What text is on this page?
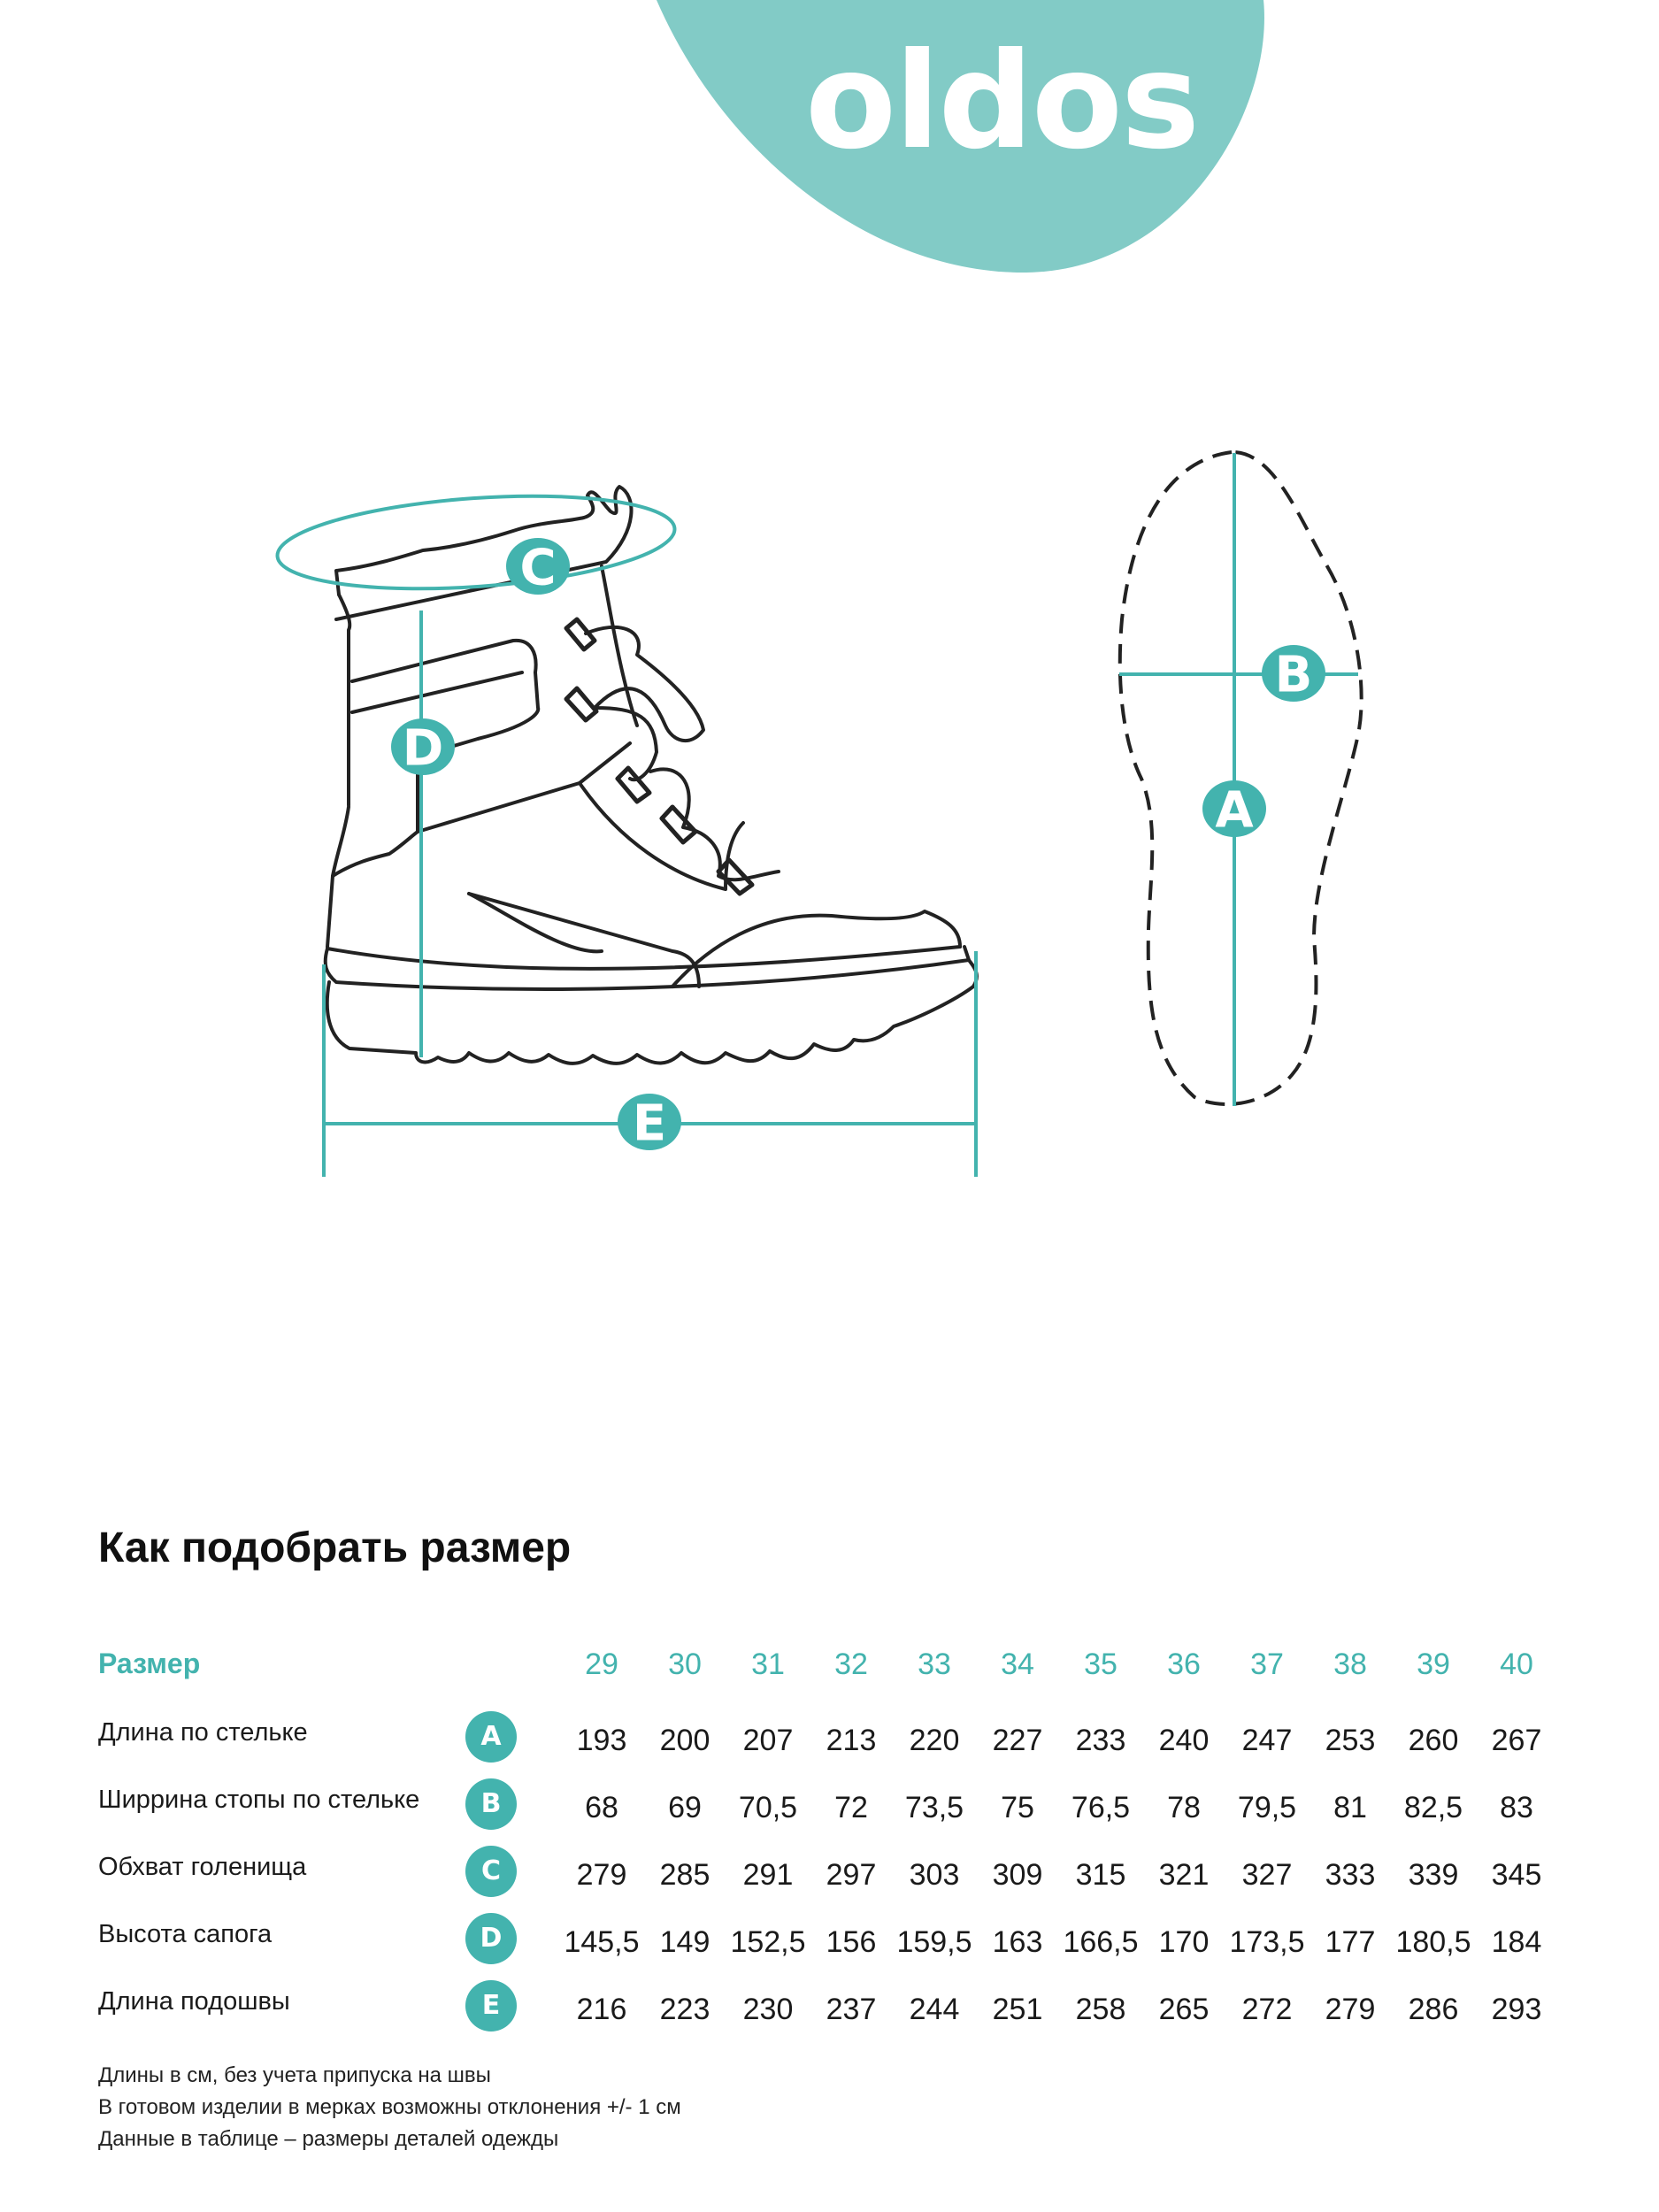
oldos
C
D
E
B
A
Как подобрать размер
Размер	29	30	31	32	33	34	35	36	37	38	39	40
Длина по стельке	A	193	200	207	213	220	227	233	240	247	253	260	267
Ширрина стопы по стельке	B	68	69	70,5	72	73,5	75	76,5	78	79,5	81	82,5	83
Обхват голенища	C	279	285	291	297	303	309	315	321	327	333	339	345
Высота сапога	D	145,5 149 152,5 156 159,5 163 166,5 170 173,5 177 180,5 184
Длина подошвы	E	216	223	230	237	244	251	258	265	272	279	286	293
Длины в см, без учета припуска на швы
В готовом изделии в мерках возможны отклонения +/- 1 см
Данные в таблице – размеры деталей одежды
